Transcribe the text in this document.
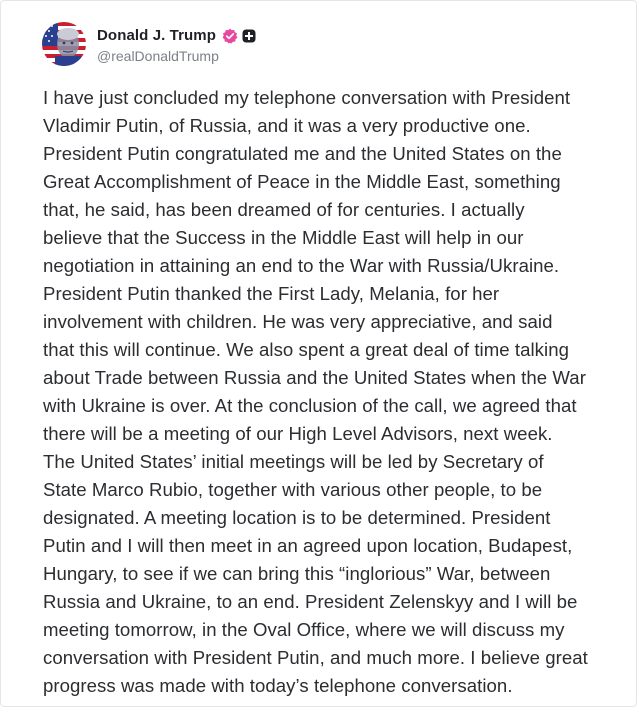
Donald J. Trump
@realDonaldTrump
I have just concluded my telephone conversation with President
Vladimir Putin, of Russia, and it was a very productive one.
President Putin congratulated me and the United States on the
Great Accomplishment of Peace in the Middle East, something
that, he said, has been dreamed of for centuries. I actually
believe that the Success in the Middle East will help in our
negotiation in attaining an end to the War with Russia/Ukraine.
President Putin thanked the First Lady, Melania, for her
involvement with children. He was very appreciative, and said
that this will continue. We also spent a great deal of time talking
about Trade between Russia and the United States when the War
with Ukraine is over. At the conclusion of the call, we agreed that
there will be a meeting of our High Level Advisors, next week.
The United States’ initial meetings will be led by Secretary of
State Marco Rubio, together with various other people, to be
designated. A meeting location is to be determined. President
Putin and I will then meet in an agreed upon location, Budapest,
Hungary, to see if we can bring this “inglorious” War, between
Russia and Ukraine, to an end. President Zelenskyy and I will be
meeting tomorrow, in the Oval Office, where we will discuss my
conversation with President Putin, and much more. I believe great
progress was made with today’s telephone conversation.
